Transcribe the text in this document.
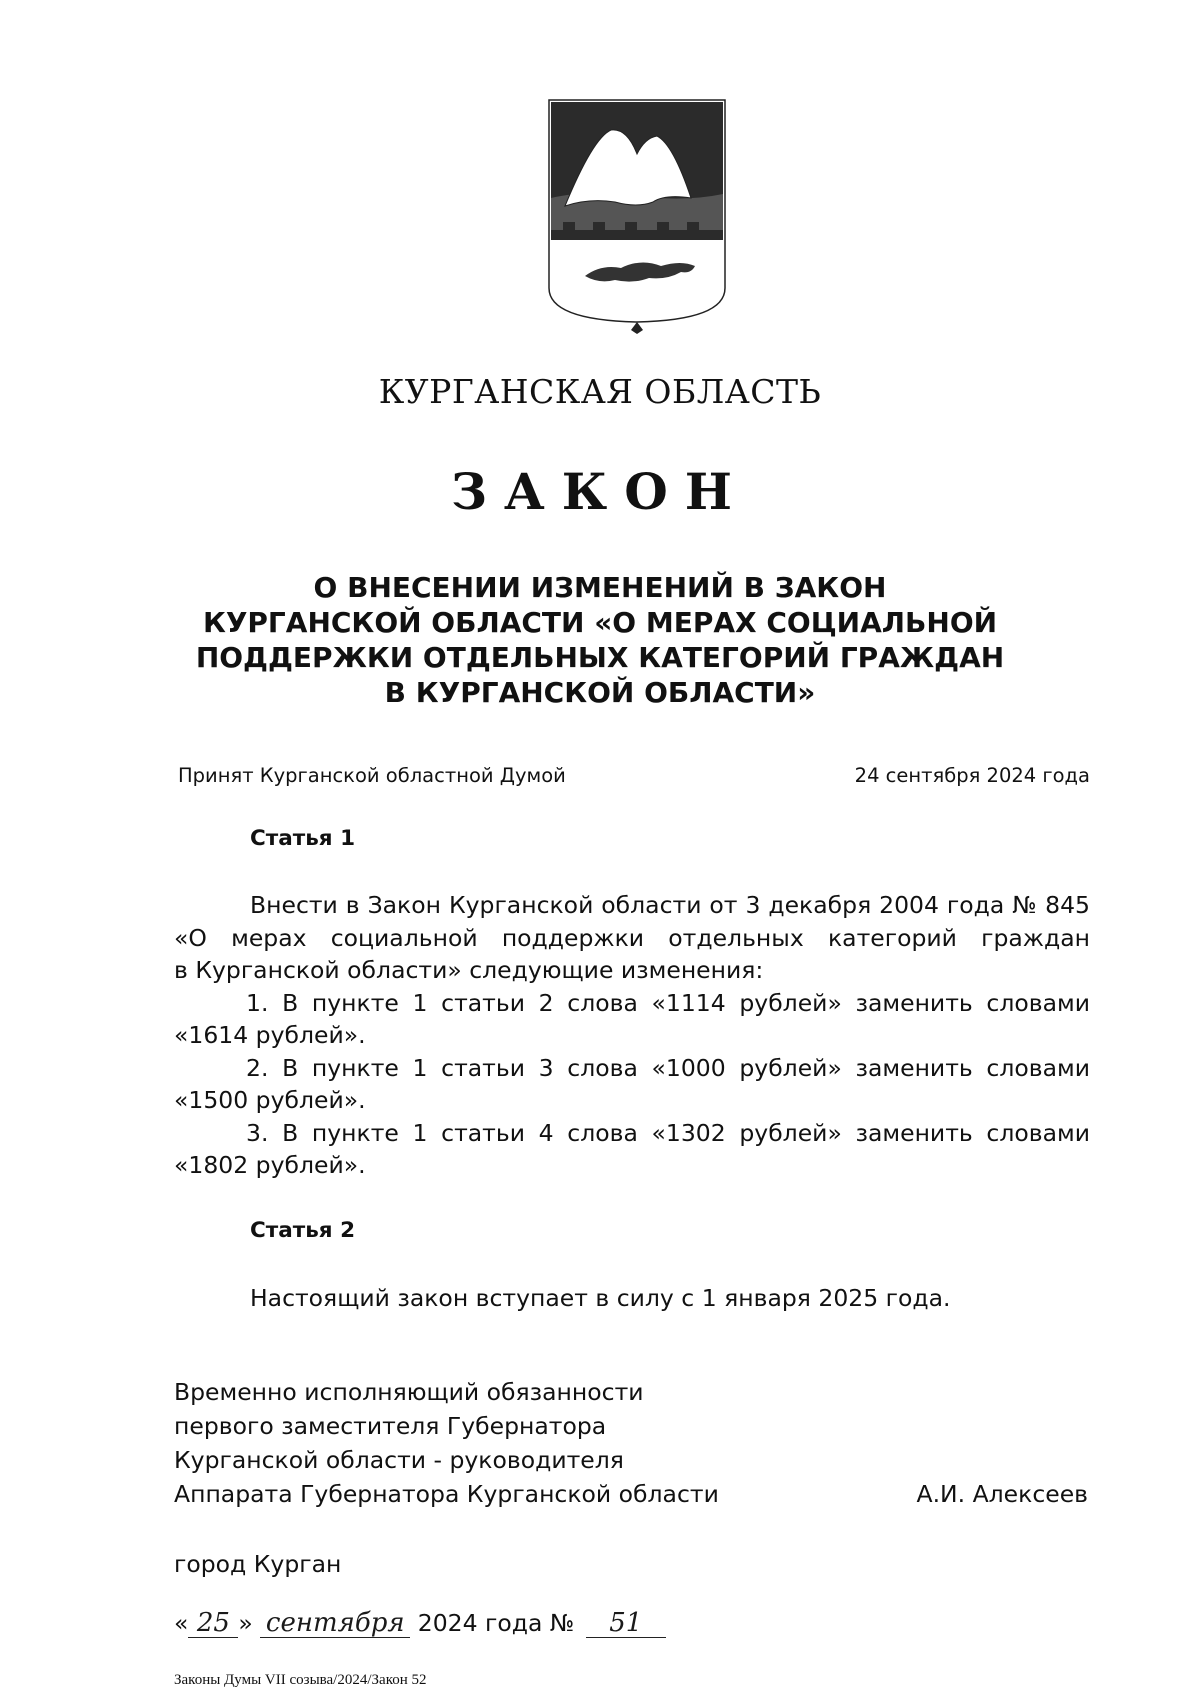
КУРГАНСКАЯ ОБЛАСТЬ
ЗАКОН
О ВНЕСЕНИИ ИЗМЕНЕНИЙ В ЗАКОН
КУРГАНСКОЙ ОБЛАСТИ «О МЕРАХ СОЦИАЛЬНОЙ
ПОДДЕРЖКИ ОТДЕЛЬНЫХ КАТЕГОРИЙ ГРАЖДАН
В КУРГАНСКОЙ ОБЛАСТИ»
Принят Курганской областной Думой	24 сентября 2024 года
Статья 1
Внести в Закон Курганской области от 3 декабря 2004 года № 845
«О мерах социальной поддержки отдельных категорий граждан
в Курганской области» следующие изменения:
1. В пункте 1 статьи 2 слова «1114 рублей» заменить словами
«1614 рублей».
2. В пункте 1 статьи 3 слова «1000 рублей» заменить словами
«1500 рублей».
3. В пункте 1 статьи 4 слова «1302 рублей» заменить словами
«1802 рублей».
Статья 2
Настоящий закон вступает в силу с 1 января 2025 года.
Временно исполняющий обязанности
первого заместителя Губернатора
Курганской области - руководителя
Аппарата Губернатора Курганской области	А.И. Алексеев
город Курган
« 25 » сентября 2024 года № 51
Законы Думы VII созыва/2024/Закон 52
